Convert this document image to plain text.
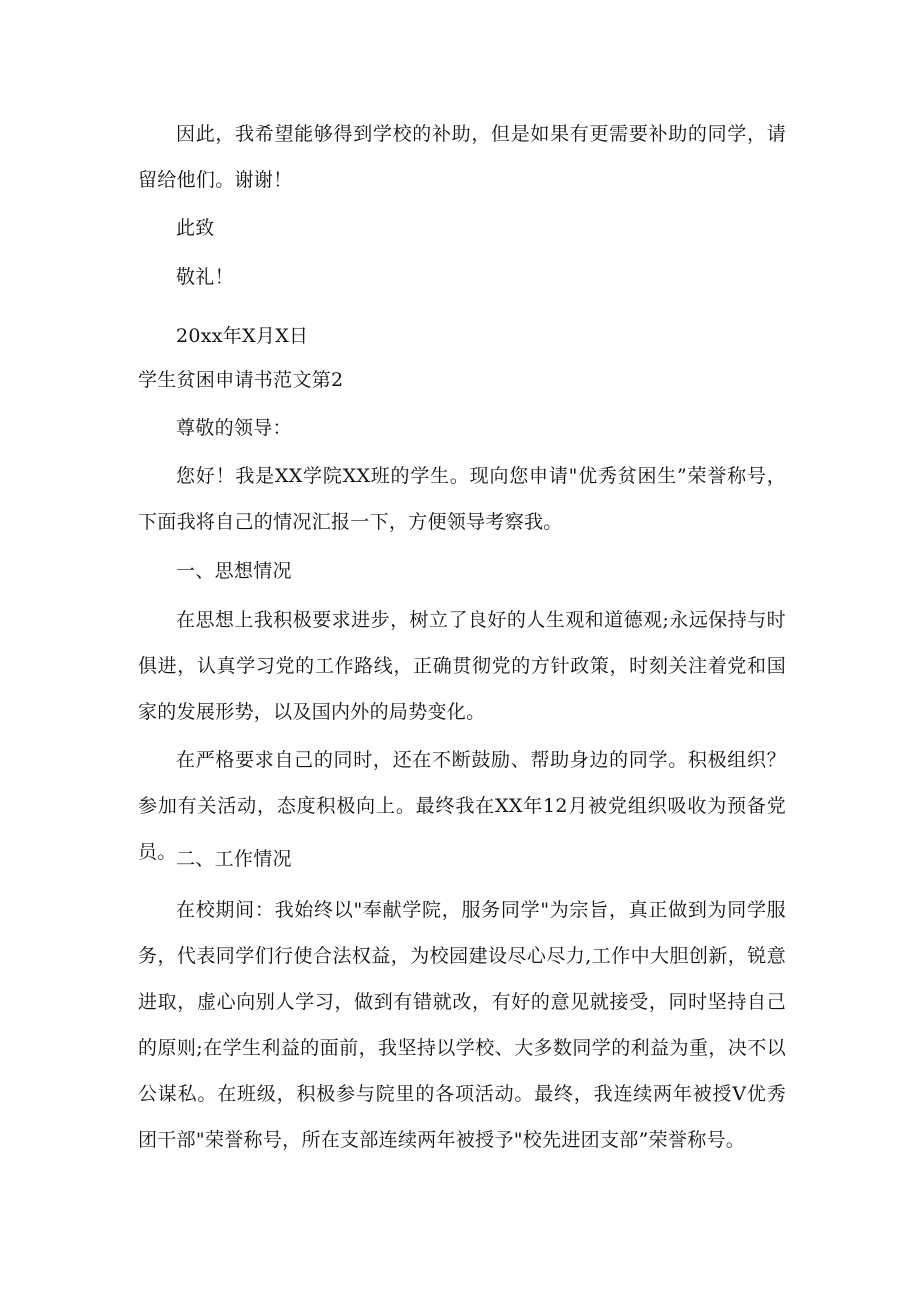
因此，我希望能够得到学校的补助，但是如果有更需要补助的同学，请留给他们。谢谢！

此致

敬礼！

20xx年X月X日

学生贫困申请书范文第2

尊敬的领导：

您好！我是XX学院XX班的学生。现向您申请"优秀贫困生”荣誉称号，下面我将自己的情况汇报一下，方便领导考察我。

一、思想情况

在思想上我积极要求进步，树立了良好的人生观和道德观;永远保持与时俱进，认真学习党的工作路线，正确贯彻党的方针政策，时刻关注着党和国家的发展形势，以及国内外的局势变化。

在严格要求自己的同时，还在不断鼓励、帮助身边的同学。积极组织？参加有关活动，态度积极向上。最终我在XX年12月被党组织吸收为预备党员。 二、工作情况

在校期间：我始终以"奉献学院，服务同学"为宗旨，真正做到为同学服务，代表同学们行使合法权益，为校园建设尽心尽力,工作中大胆创新，锐意进取，虚心向别人学习，做到有错就改，有好的意见就接受，同时坚持自己的原则;在学生利益的面前，我坚持以学校、大多数同学的利益为重，决不以公谋私。在班级，积极参与院里的各项活动。最终，我连续两年被授V优秀团干部"荣誉称号，所在支部连续两年被授予"校先进团支部”荣誉称号。
